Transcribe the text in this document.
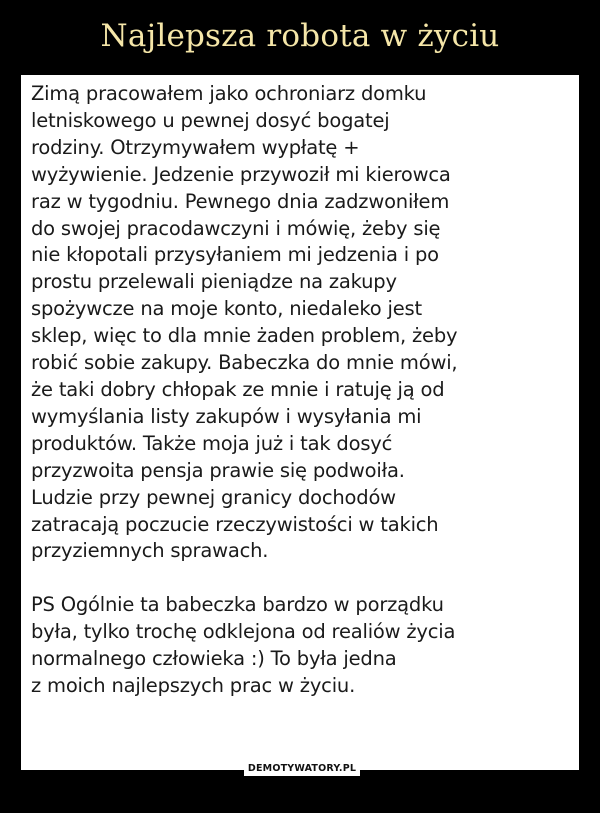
Najlepsza robota w życiu
Zimą pracowałem jako ochroniarz domku
letniskowego u pewnej dosyć bogatej
rodziny. Otrzymywałem wypłatę +
wyżywienie. Jedzenie przywoził mi kierowca
raz w tygodniu. Pewnego dnia zadzwoniłem
do swojej pracodawczyni i mówię, żeby się
nie kłopotali przysyłaniem mi jedzenia i po
prostu przelewali pieniądze na zakupy
spożywcze na moje konto, niedaleko jest
sklep, więc to dla mnie żaden problem, żeby
robić sobie zakupy. Babeczka do mnie mówi,
że taki dobry chłopak ze mnie i ratuję ją od
wymyślania listy zakupów i wysyłania mi
produktów. Także moja już i tak dosyć
przyzwoita pensja prawie się podwoiła.
Ludzie przy pewnej granicy dochodów
zatracają poczucie rzeczywistości w takich
przyziemnych sprawach.
PS Ogólnie ta babeczka bardzo w porządku
była, tylko trochę odklejona od realiów życia
normalnego człowieka :) To była jedna
z moich najlepszych prac w życiu.
DEMOTYWATORY.PL
